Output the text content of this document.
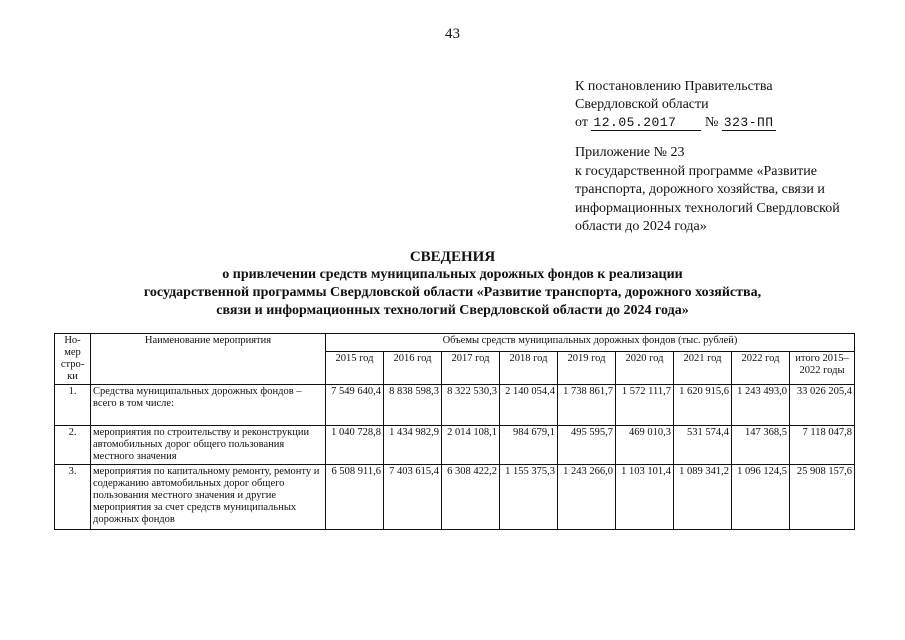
43
К постановлению Правительства
Свердловской области
от 12.05.2017 № 323-ПП
Приложение № 23
к государственной программе «Развитие транспорта, дорожного хозяйства, связи и информационных технологий Свердловской области до 2024 года»
СВЕДЕНИЯ
о привлечении средств муниципальных дорожных фондов к реализации
государственной программы Свердловской области «Развитие транспорта, дорожного хозяйства,
связи и информационных технологий Свердловской области до 2024 года»
Но-мер стро-ки	Наименование мероприятия	Объемы средств муниципальных дорожных фондов (тыс. рублей)								
		2015 год	2016 год	2017 год	2018 год	2019 год	2020 год	2021 год	2022 год	итого 2015–2022 годы
1.	Средства муниципальных дорожных фондов – всего в том числе:	7 549 640,4	8 838 598,3	8 322 530,3	2 140 054,4	1 738 861,7	1 572 111,7	1 620 915,6	1 243 493,0	33 026 205,4
2.	мероприятия по строительству и реконструкции автомобильных дорог общего пользования местного значения	1 040 728,8	1 434 982,9	2 014 108,1	984 679,1	495 595,7	469 010,3	531 574,4	147 368,5	7 118 047,8
3.	мероприятия по капитальному ремонту, ремонту и содержанию автомобильных дорог общего пользования местного значения и другие мероприятия за счет средств муниципальных дорожных фондов	6 508 911,6	7 403 615,4	6 308 422,2	1 155 375,3	1 243 266,0	1 103 101,4	1 089 341,2	1 096 124,5	25 908 157,6
